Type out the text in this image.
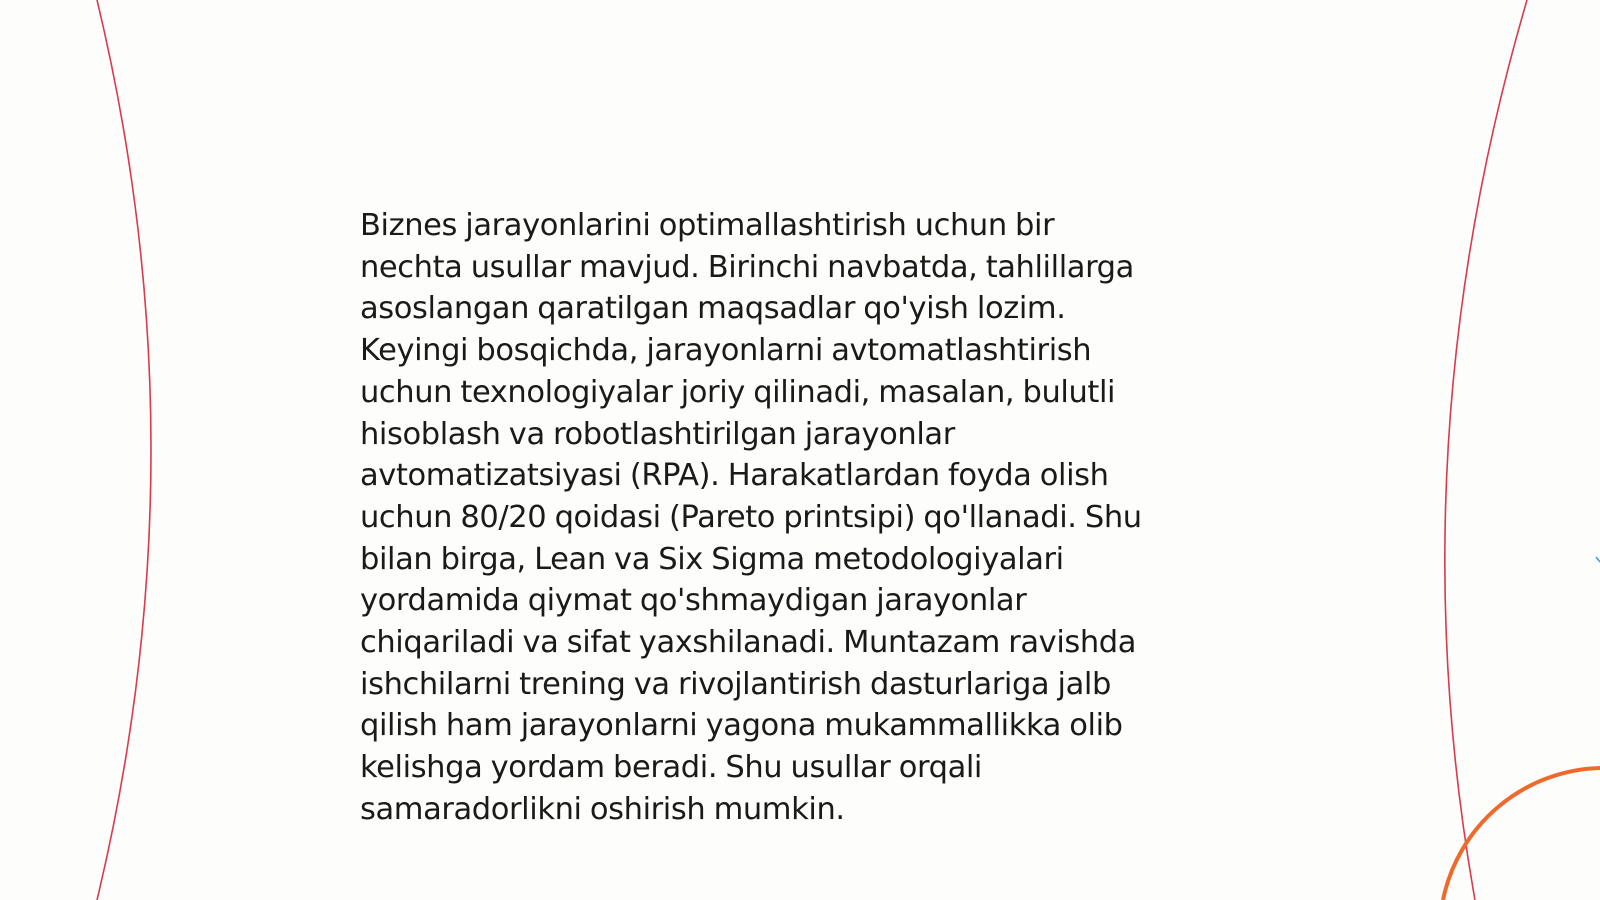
Biznes jarayonlarini optimallashtirish uchun bir
nechta usullar mavjud. Birinchi navbatda, tahlillarga
asoslangan qaratilgan maqsadlar qo'yish lozim.
Keyingi bosqichda, jarayonlarni avtomatlashtirish
uchun texnologiyalar joriy qilinadi, masalan, bulutli
hisoblash va robotlashtirilgan jarayonlar
avtomatizatsiyasi (RPA). Harakatlardan foyda olish
uchun 80/20 qoidasi (Pareto printsipi) qo'llanadi. Shu
bilan birga, Lean va Six Sigma metodologiyalari
yordamida qiymat qo'shmaydigan jarayonlar
chiqariladi va sifat yaxshilanadi. Muntazam ravishda
ishchilarni trening va rivojlantirish dasturlariga jalb
qilish ham jarayonlarni yagona mukammallikka olib
kelishga yordam beradi. Shu usullar orqali
samaradorlikni oshirish mumkin.
